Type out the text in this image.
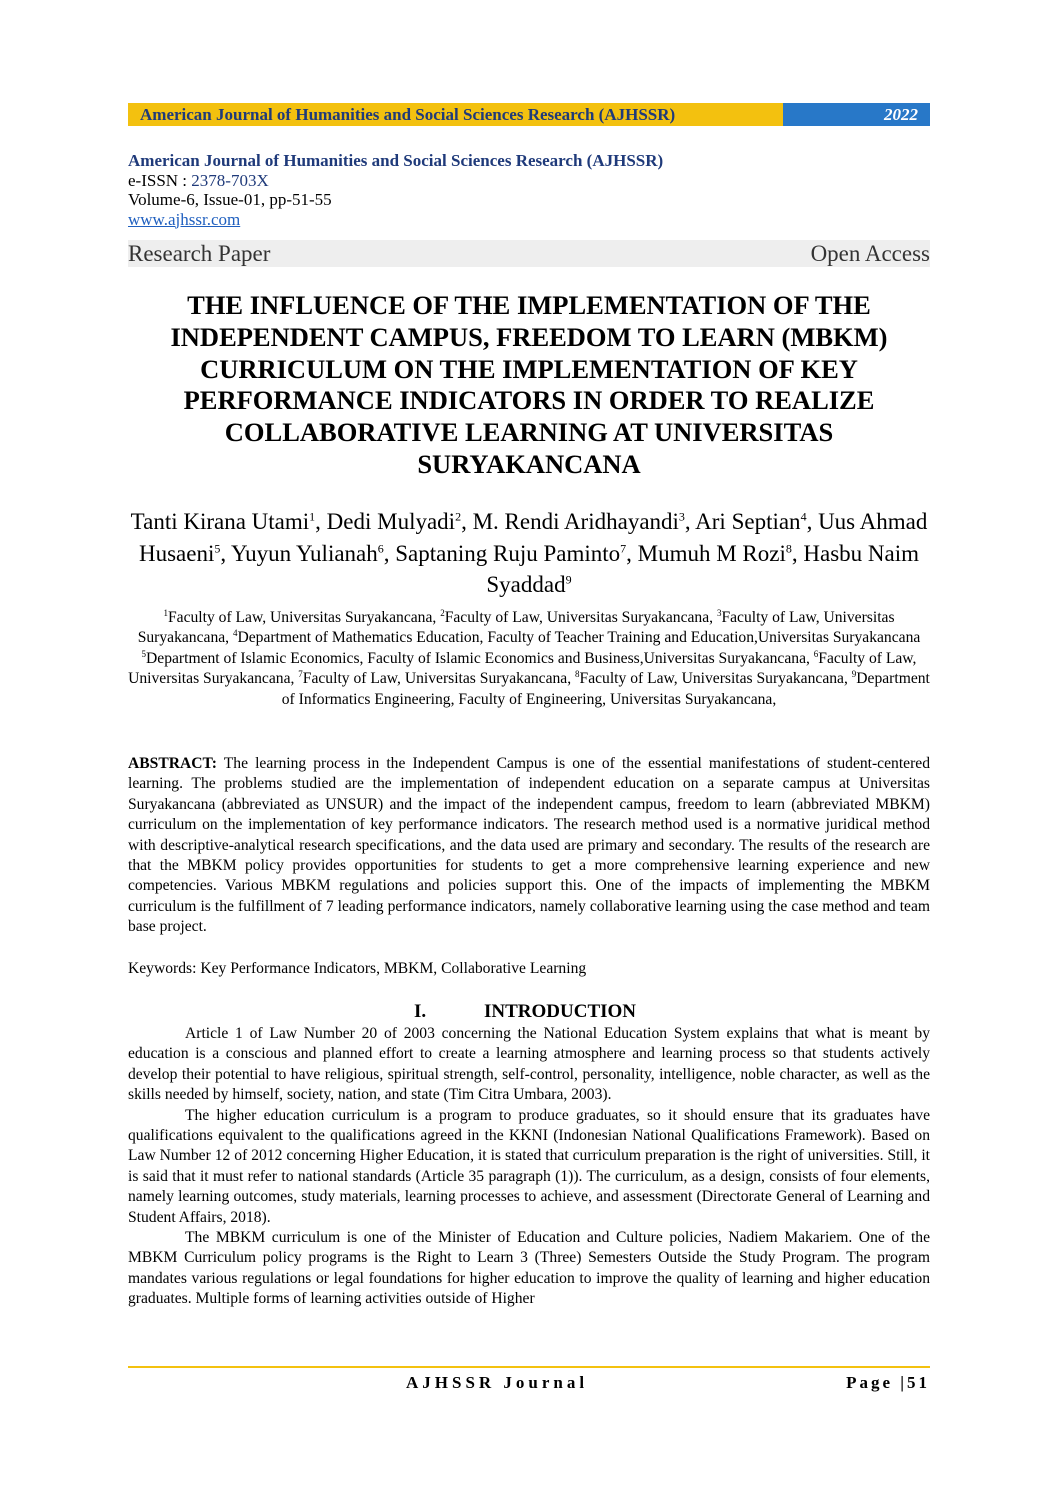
American Journal of Humanities and Social Sciences Research (AJHSSR)	2022
American Journal of Humanities and Social Sciences Research (AJHSSR)
e-ISSN : 2378-703X
Volume-6, Issue-01, pp-51-55
www.ajhssr.com
Research Paper	Open Access
THE INFLUENCE OF THE IMPLEMENTATION OF THE INDEPENDENT CAMPUS, FREEDOM TO LEARN (MBKM) CURRICULUM ON THE IMPLEMENTATION OF KEY PERFORMANCE INDICATORS IN ORDER TO REALIZE COLLABORATIVE LEARNING AT UNIVERSITAS SURYAKANCANA
Tanti Kirana Utami$^1$, Dedi Mulyadi$^2$, M. Rendi Aridhayandi$^3$, Ari Septian$^4$, Uus Ahmad Husaeni$^5$, Yuyun Yulianah$^6$, Saptaning Ruju Paminto$^7$, Mumuh M Rozi$^8$, Hasbu Naim Syaddad$^9$
$^1$Faculty of Law, Universitas Suryakancana, $^2$Faculty of Law, Universitas Suryakancana, $^3$Faculty of Law, Universitas Suryakancana, $^4$Department of Mathematics Education, Faculty of Teacher Training and Education,Universitas Suryakancana $^5$Department of Islamic Economics, Faculty of Islamic Economics and Business,Universitas Suryakancana, $^6$Faculty of Law, Universitas Suryakancana, $^7$Faculty of Law, Universitas Suryakancana, $^8$Faculty of Law, Universitas Suryakancana, $^9$Department of Informatics Engineering, Faculty of Engineering, Universitas Suryakancana,
ABSTRACT: The learning process in the Independent Campus is one of the essential manifestations of student-centered learning. The problems studied are the implementation of independent education on a separate campus at Universitas Suryakancana (abbreviated as UNSUR) and the impact of the independent campus, freedom to learn (abbreviated MBKM) curriculum on the implementation of key performance indicators. The research method used is a normative juridical method with descriptive-analytical research specifications, and the data used are primary and secondary. The results of the research are that the MBKM policy provides opportunities for students to get a more comprehensive learning experience and new competencies. Various MBKM regulations and policies support this. One of the impacts of implementing the MBKM curriculum is the fulfillment of 7 leading performance indicators, namely collaborative learning using the case method and team base project.
Keywords: Key Performance Indicators, MBKM, Collaborative Learning
I.	INTRODUCTION

Article 1 of Law Number 20 of 2003 concerning the National Education System explains that what is meant by education is a conscious and planned effort to create a learning atmosphere and learning process so that students actively develop their potential to have religious, spiritual strength, self-control, personality, intelligence, noble character, as well as the skills needed by himself, society, nation, and state (Tim Citra Umbara, 2003).

The higher education curriculum is a program to produce graduates, so it should ensure that its graduates have qualifications equivalent to the qualifications agreed in the KKNI (Indonesian National Qualifications Framework). Based on Law Number 12 of 2012 concerning Higher Education, it is stated that curriculum preparation is the right of universities. Still, it is said that it must refer to national standards (Article 35 paragraph (1)). The curriculum, as a design, consists of four elements, namely learning outcomes, study materials, learning processes to achieve, and assessment (Directorate General of Learning and Student Affairs, 2018).

The MBKM curriculum is one of the Minister of Education and Culture policies, Nadiem Makariem. One of the MBKM Curriculum policy programs is the Right to Learn 3 (Three) Semesters Outside the Study Program. The program mandates various regulations or legal foundations for higher education to improve the quality of learning and higher education graduates. Multiple forms of learning activities outside of Higher

AJHSSR Journal	Page |51
